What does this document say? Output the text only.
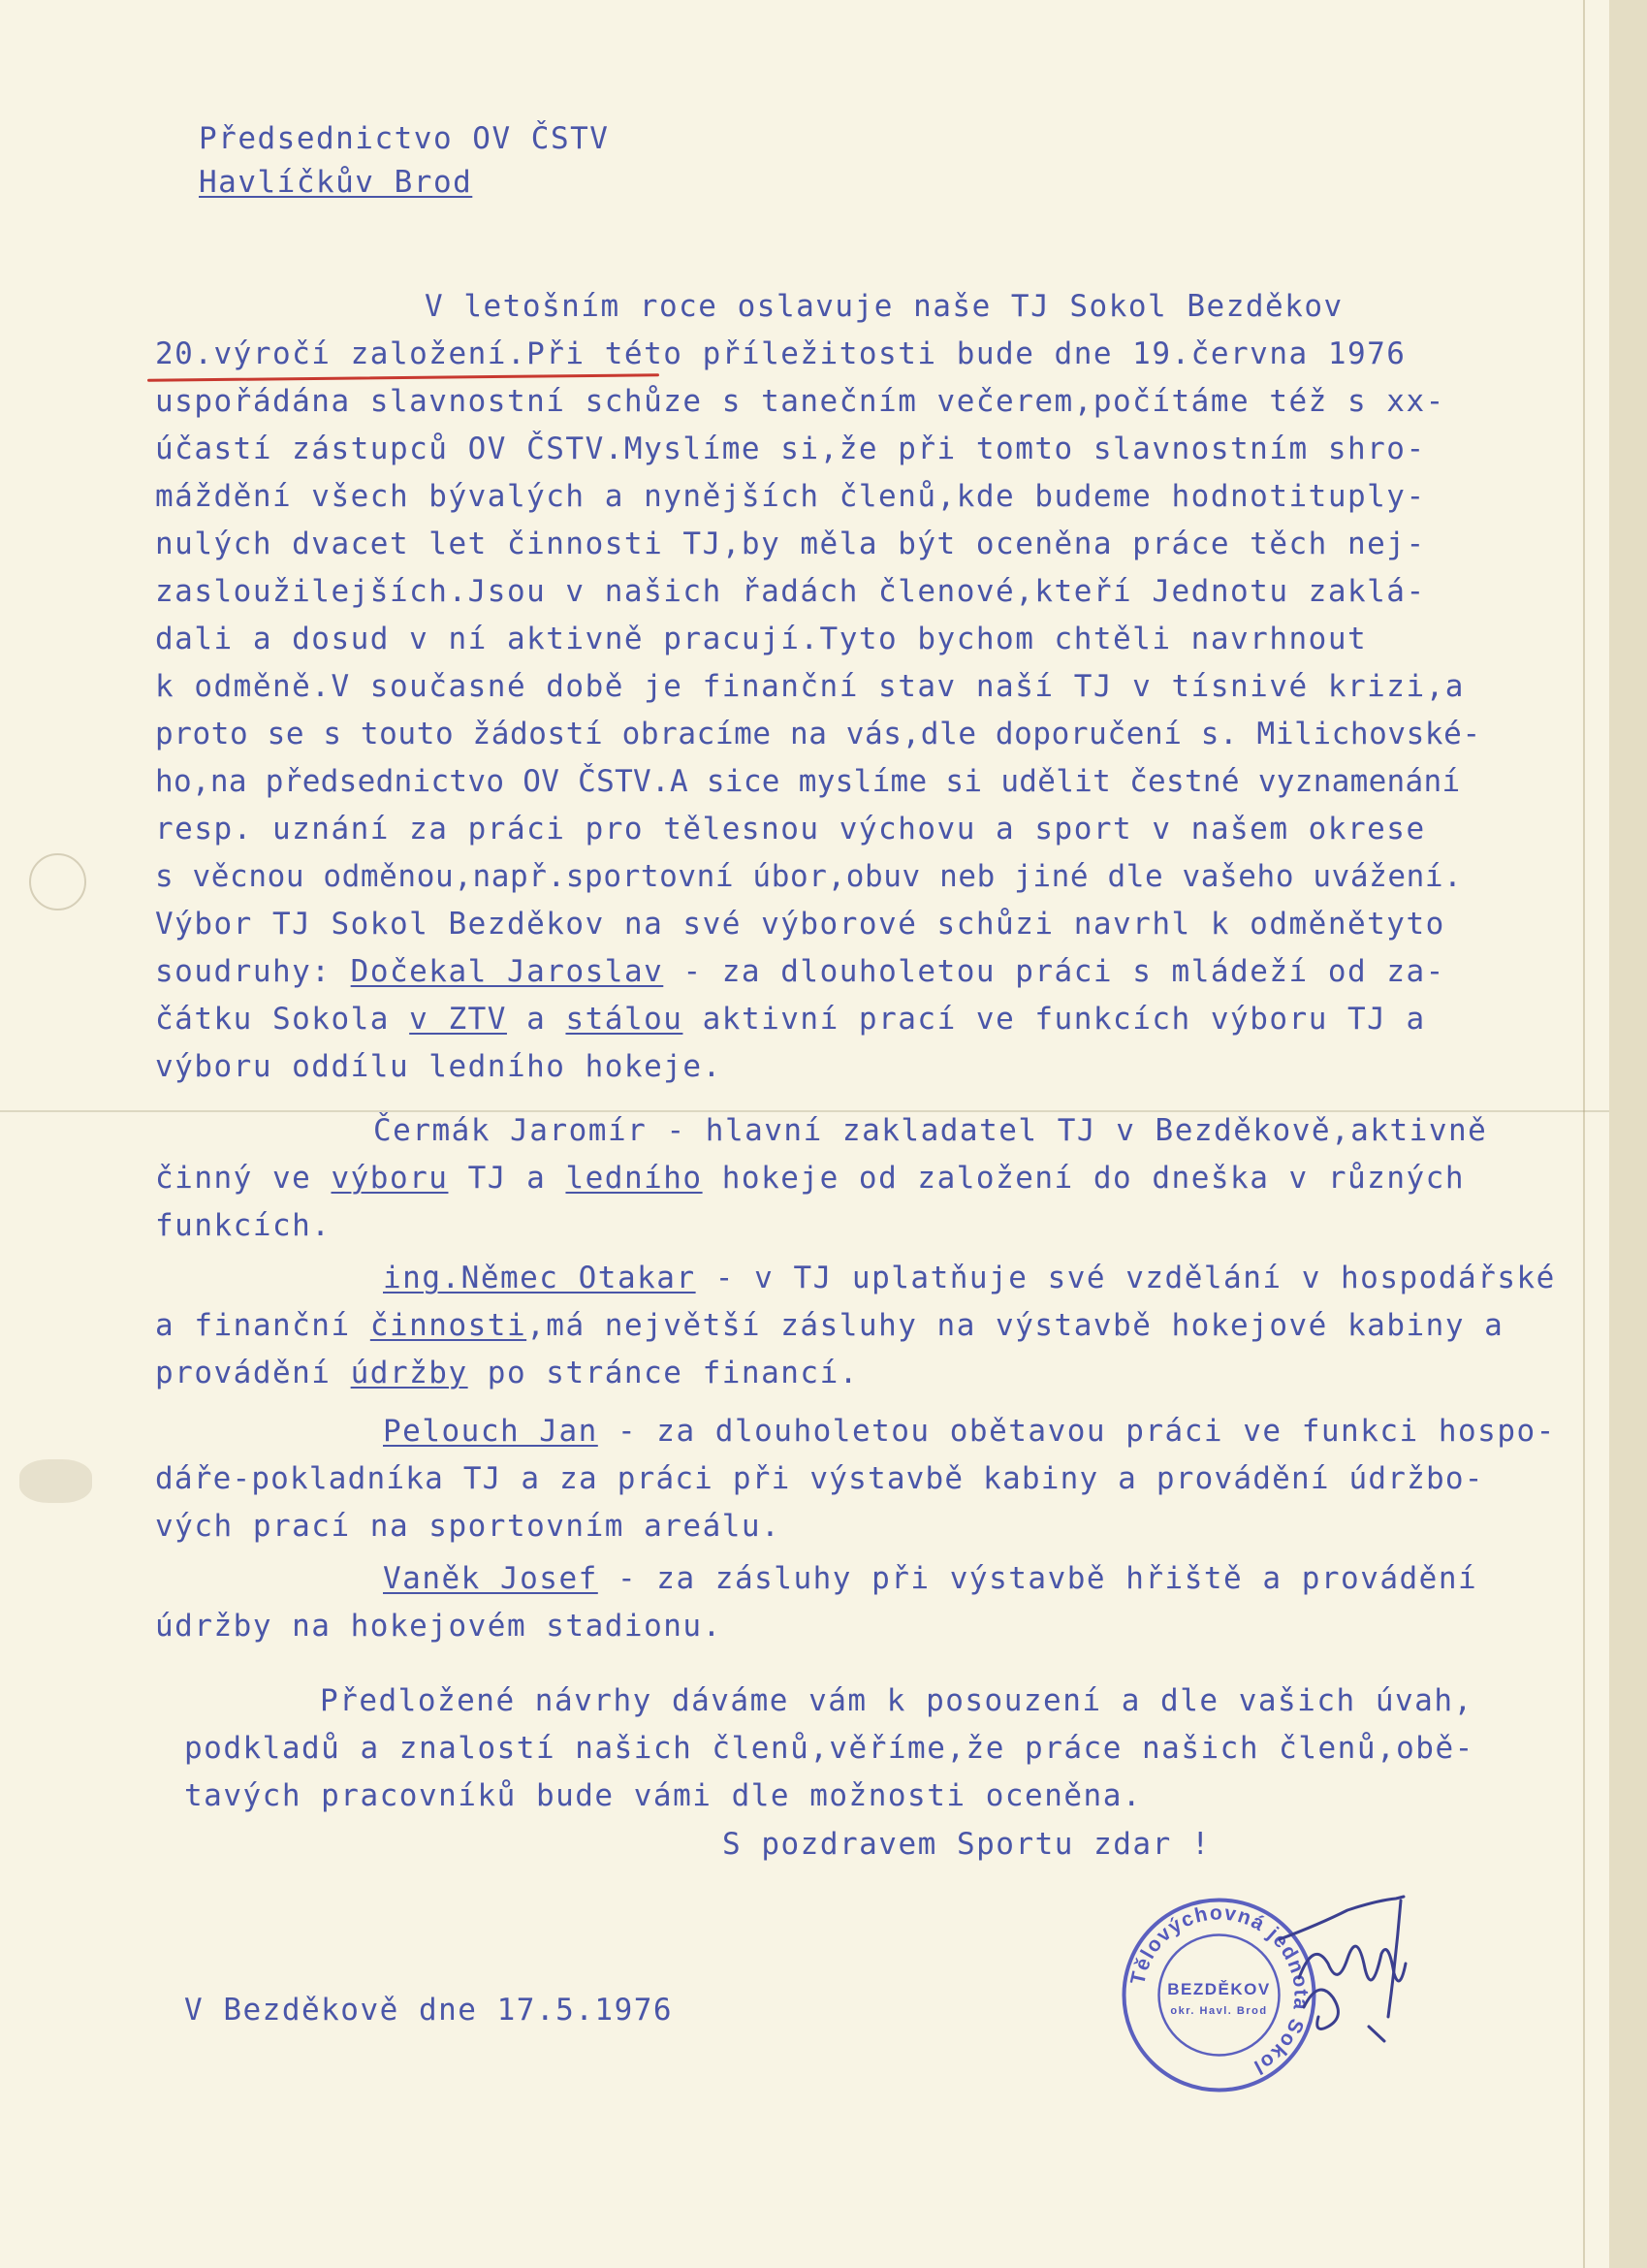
Předsednictvo OV ČSTV
Havlíčkův Brod
V letošním roce oslavuje naše TJ Sokol Bezděkov
20.výročí založení.Při této příležitosti bude dne 19.června 1976
uspořádána slavnostní schůze s tanečním večerem,počítáme též s xx-
účastí zástupců OV ČSTV.Myslíme si,že při tomto slavnostním shro-
máždění všech bývalých a nynějších členů,kde budeme hodnotituply-
nulých dvacet let činnosti TJ,by měla být oceněna práce těch nej-
zasloužilejších.Jsou v našich řadách členové,kteří Jednotu zaklá-
dali a dosud v ní aktivně pracují.Tyto bychom chtěli navrhnout
k odměně.V současné době je finanční stav naší TJ v tísnivé krizi,a
proto se s touto žádostí obracíme na vás,dle doporučení s. Milichovské-
ho,na předsednictvo OV ČSTV.A sice myslíme si udělit čestné vyznamenání
resp. uznání za práci pro tělesnou výchovu a sport v našem okrese
s věcnou odměnou,např.sportovní úbor,obuv neb jiné dle vašeho uvážení.
Výbor TJ Sokol Bezděkov na své výborové schůzi navrhl k odměnětyto
soudruhy: Dočekal Jaroslav - za dlouholetou práci s mládeží od za-
čátku Sokola v ZTV a stálou aktivní prací ve funkcích výboru TJ a
výboru oddílu ledního hokeje.
Čermák Jaromír - hlavní zakladatel TJ v Bezděkově,aktivně
činný ve výboru TJ a ledního hokeje od založení do dneška v různých
funkcích.
ing.Němec Otakar - v TJ uplatňuje své vzdělání v hospodářské
a finanční činnosti,má největší zásluhy na výstavbě hokejové kabiny a
provádění údržby po stránce financí.
Pelouch Jan - za dlouholetou obětavou práci ve funkci hospo-
dáře-pokladníka TJ a za práci při výstavbě kabiny a provádění údržbo-
vých prací na sportovním areálu.
Vaněk Josef - za zásluhy při výstavbě hřiště a provádění
údržby na hokejovém stadionu.
Předložené návrhy dáváme vám k posouzení a dle vašich úvah,
podkladů a znalostí našich členů,věříme,že práce našich členů,obě-
tavých pracovníků bude vámi dle možnosti oceněna.
S pozdravem Sportu zdar !
V Bezděkově dne 17.5.1976
Tělovýchovná jednota Sokol
BEZDĚKOV
okr. Havl. Brod
